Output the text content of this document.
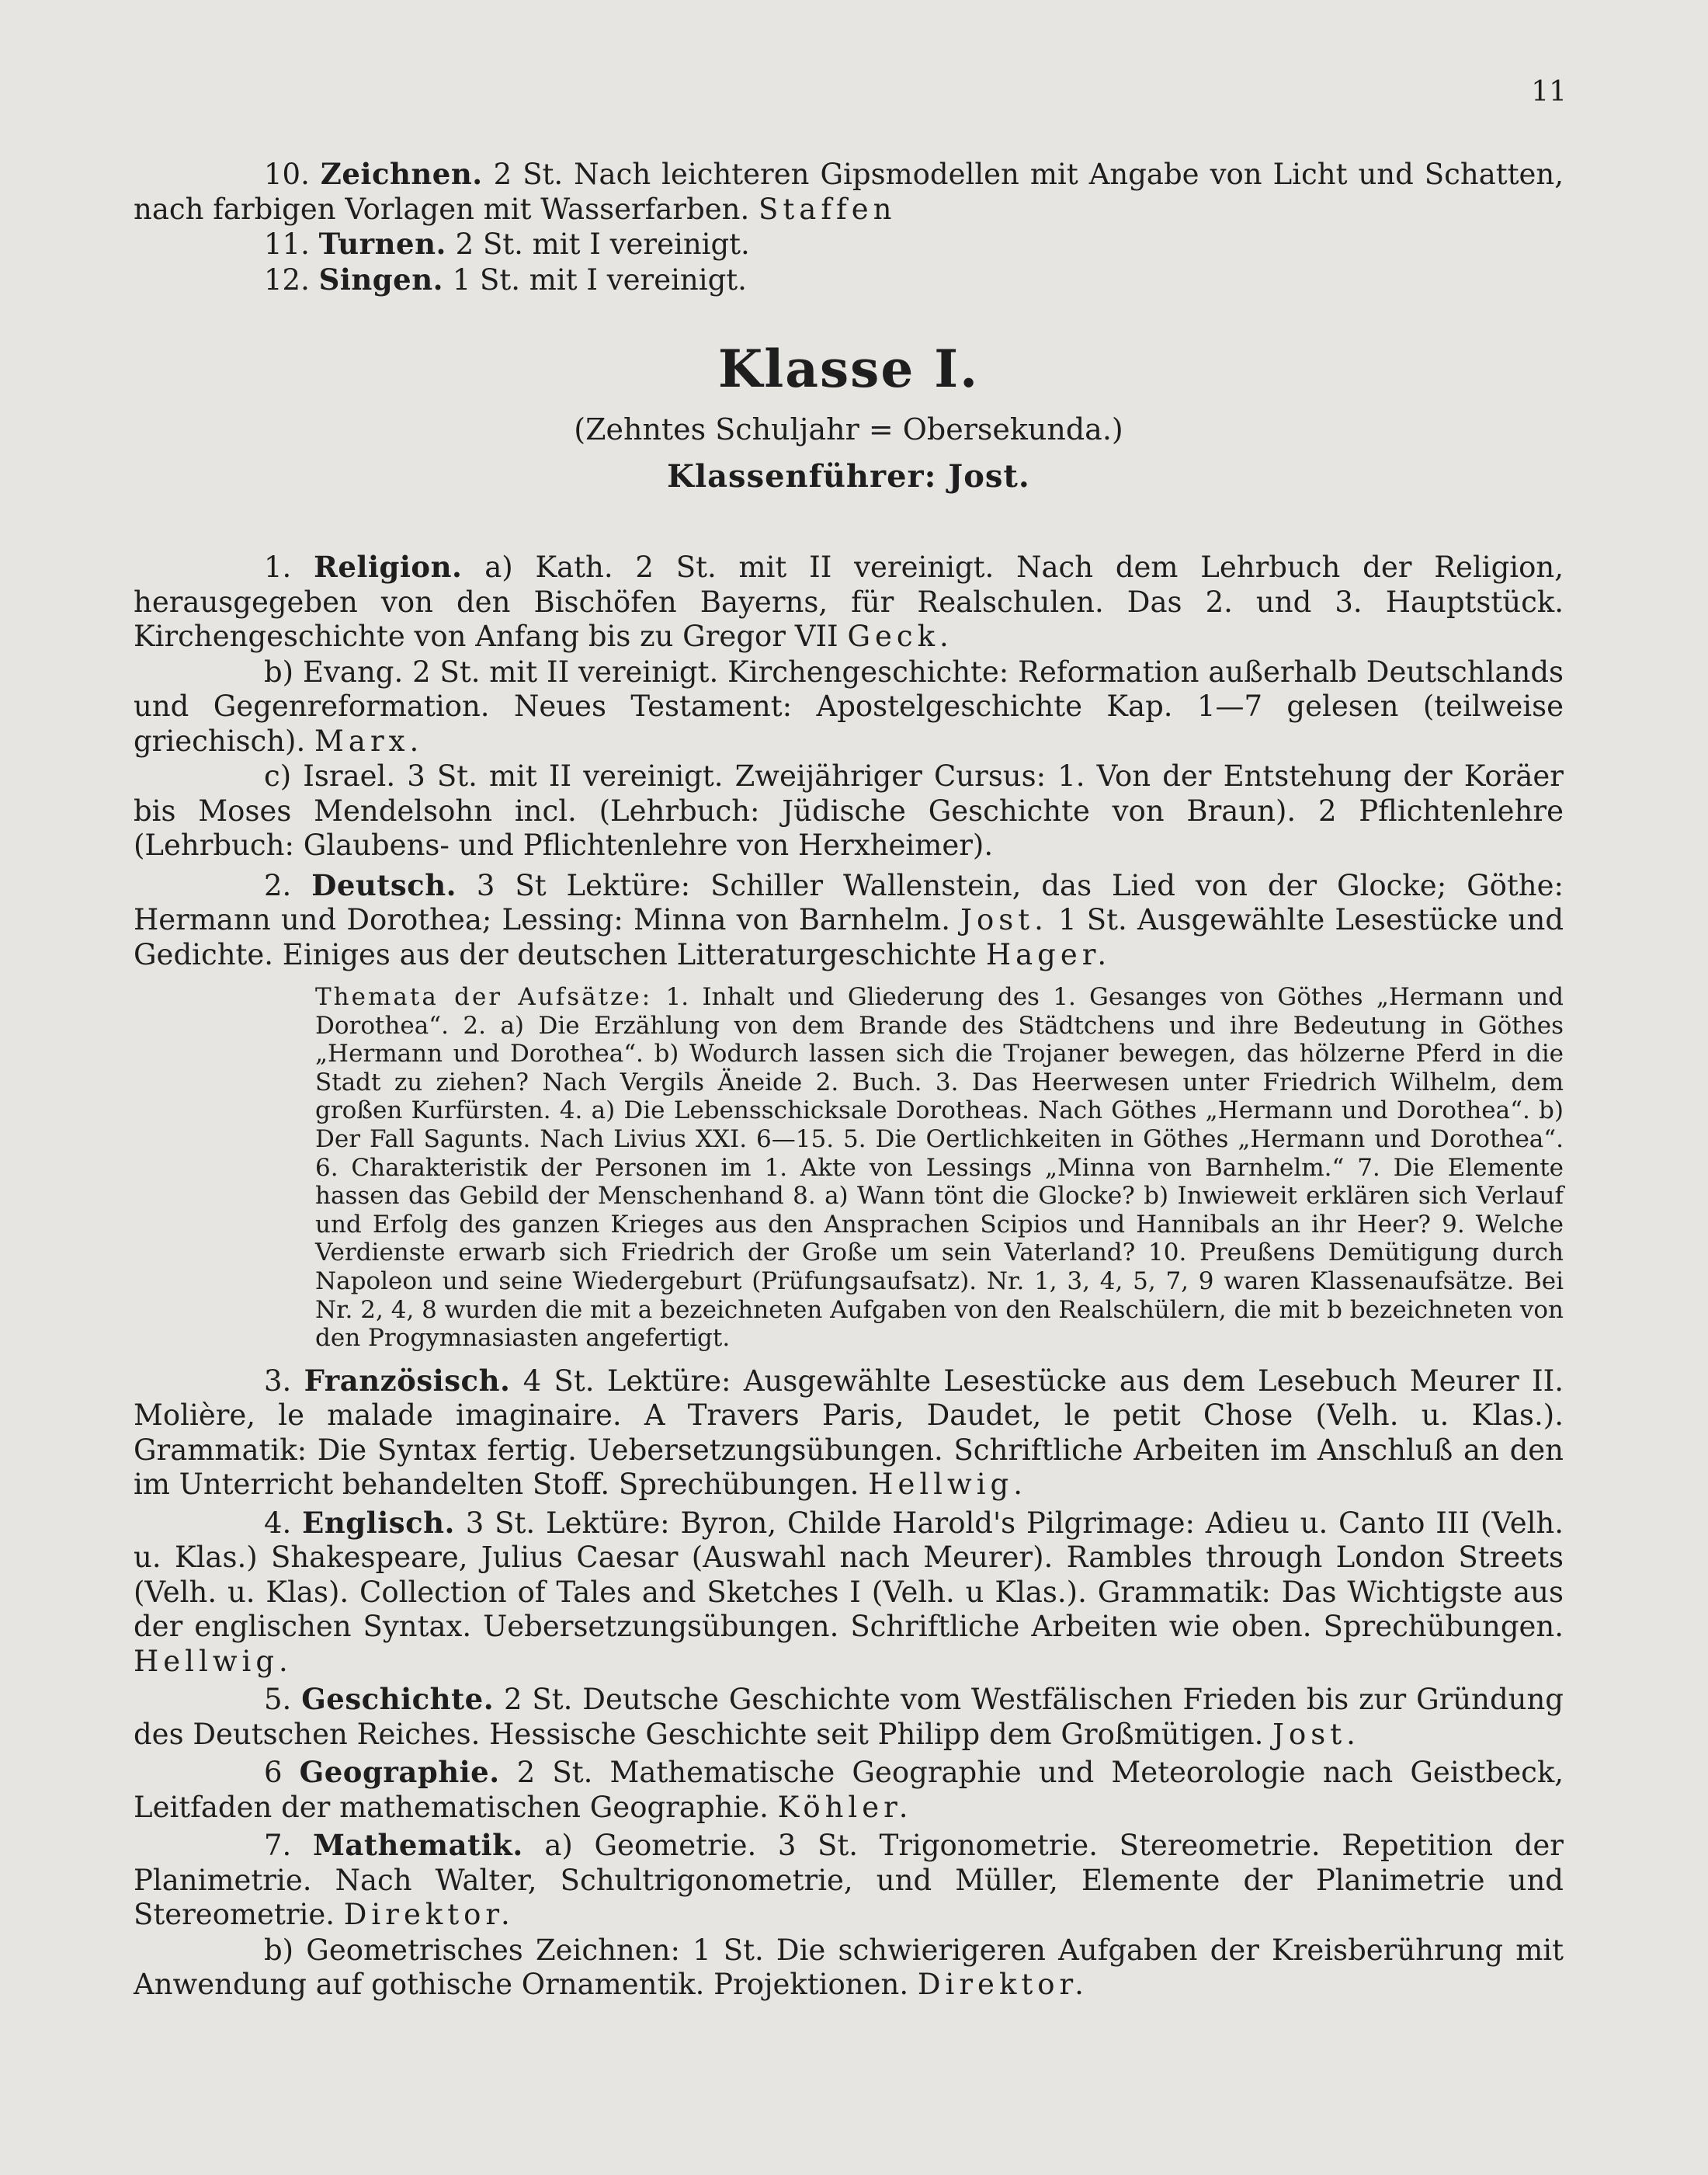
11

10. Zeichnen. 2 St. Nach leichteren Gipsmodellen mit Angabe von Licht und Schatten, nach farbigen Vorlagen mit Wasserfarben. Staffen

11. Turnen. 2 St. mit I vereinigt.

12. Singen. 1 St. mit I vereinigt.

Klasse I.
(Zehntes Schuljahr = Obersekunda.)
Klassenführer: Jost.

1. Religion. a) Kath. 2 St. mit II vereinigt. Nach dem Lehrbuch der Religion, herausgegeben von den Bischöfen Bayerns, für Realschulen. Das 2. und 3. Hauptstück. Kirchengeschichte von Anfang bis zu Gregor VII Geck.

b) Evang. 2 St. mit II vereinigt. Kirchengeschichte: Reformation außerhalb Deutschlands und Gegenreformation. Neues Testament: Apostelgeschichte Kap. 1—7 gelesen (teilweise griechisch). Marx.

c) Israel. 3 St. mit II vereinigt. Zweijähriger Cursus: 1. Von der Entstehung der Koräer bis Moses Mendelsohn incl. (Lehrbuch: Jüdische Geschichte von Braun). 2 Pflichtenlehre (Lehrbuch: Glaubens- und Pflichtenlehre von Herxheimer).

2. Deutsch. 3 St Lektüre: Schiller Wallenstein, das Lied von der Glocke; Göthe: Hermann und Dorothea; Lessing: Minna von Barnhelm. Jost. 1 St. Ausgewählte Lesestücke und Gedichte. Einiges aus der deutschen Litteraturgeschichte Hager.

Themata der Aufsätze: 1. Inhalt und Gliederung des 1. Gesanges von Göthes „Hermann und Dorothea“. 2. a) Die Erzählung von dem Brande des Städtchens und ihre Bedeutung in Göthes „Hermann und Dorothea“. b) Wodurch lassen sich die Trojaner bewegen, das hölzerne Pferd in die Stadt zu ziehen? Nach Vergils Äneide 2. Buch. 3. Das Heerwesen unter Friedrich Wilhelm, dem großen Kurfürsten. 4. a) Die Lebensschicksale Dorotheas. Nach Göthes „Hermann und Dorothea“. b) Der Fall Sagunts. Nach Livius XXI. 6—15. 5. Die Oertlichkeiten in Göthes „Hermann und Dorothea“. 6. Charakteristik der Personen im 1. Akte von Lessings „Minna von Barnhelm.“ 7. Die Elemente hassen das Gebild der Menschenhand 8. a) Wann tönt die Glocke? b) Inwieweit erklären sich Verlauf und Erfolg des ganzen Krieges aus den Ansprachen Scipios und Hannibals an ihr Heer? 9. Welche Verdienste erwarb sich Friedrich der Große um sein Vaterland? 10. Preußens Demütigung durch Napoleon und seine Wiedergeburt (Prüfungsaufsatz). Nr. 1, 3, 4, 5, 7, 9 waren Klassenaufsätze. Bei Nr. 2, 4, 8 wurden die mit a bezeichneten Aufgaben von den Realschülern, die mit b bezeichneten von den Progymnasiasten angefertigt.

3. Französisch. 4 St. Lektüre: Ausgewählte Lesestücke aus dem Lesebuch Meurer II. Molière, le malade imaginaire. A Travers Paris, Daudet, le petit Chose (Velh. u. Klas.). Grammatik: Die Syntax fertig. Uebersetzungsübungen. Schriftliche Arbeiten im Anschluß an den im Unterricht behandelten Stoff. Sprechübungen. Hellwig.

4. Englisch. 3 St. Lektüre: Byron, Childe Harold's Pilgrimage: Adieu u. Canto III (Velh. u. Klas.) Shakespeare, Julius Caesar (Auswahl nach Meurer). Rambles through London Streets (Velh. u. Klas). Collection of Tales and Sketches I (Velh. u Klas.). Grammatik: Das Wichtigste aus der englischen Syntax. Uebersetzungsübungen. Schriftliche Arbeiten wie oben. Sprechübungen. Hellwig.

5. Geschichte. 2 St. Deutsche Geschichte vom Westfälischen Frieden bis zur Gründung des Deutschen Reiches. Hessische Geschichte seit Philipp dem Großmütigen. Jost.

6 Geographie. 2 St. Mathematische Geographie und Meteorologie nach Geistbeck, Leitfaden der mathematischen Geographie. Köhler.

7. Mathematik. a) Geometrie. 3 St. Trigonometrie. Stereometrie. Repetition der Planimetrie. Nach Walter, Schultrigonometrie, und Müller, Elemente der Planimetrie und Stereometrie. Direktor.

b) Geometrisches Zeichnen: 1 St. Die schwierigeren Aufgaben der Kreisberührung mit Anwendung auf gothische Ornamentik. Projektionen. Direktor.
